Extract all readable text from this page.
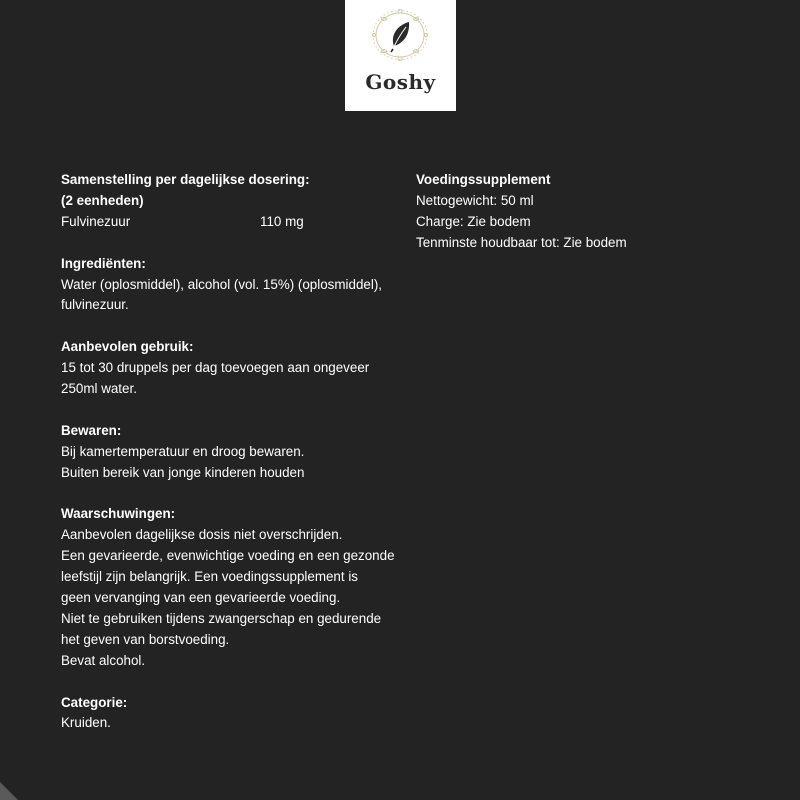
Goshy
Samenstelling per dagelijkse dosering:
(2 eenheden)
Fulvinezuur	110 mg
Ingrediënten:
Water (oplosmiddel), alcohol (vol. 15%) (oplosmiddel),
fulvinezuur.
Aanbevolen gebruik:
15 tot 30 druppels per dag toevoegen aan ongeveer
250ml water.
Bewaren:
Bij kamertemperatuur en droog bewaren.
Buiten bereik van jonge kinderen houden
Waarschuwingen:
Aanbevolen dagelijkse dosis niet overschrijden.
Een gevarieerde, evenwichtige voeding en een gezonde
leefstijl zijn belangrijk. Een voedingssupplement is
geen vervanging van een gevarieerde voeding.
Niet te gebruiken tijdens zwangerschap en gedurende
het geven van borstvoeding.
Bevat alcohol.
Categorie:
Kruiden.
Voedingssupplement
Nettogewicht: 50 ml
Charge: Zie bodem
Tenminste houdbaar tot: Zie bodem
